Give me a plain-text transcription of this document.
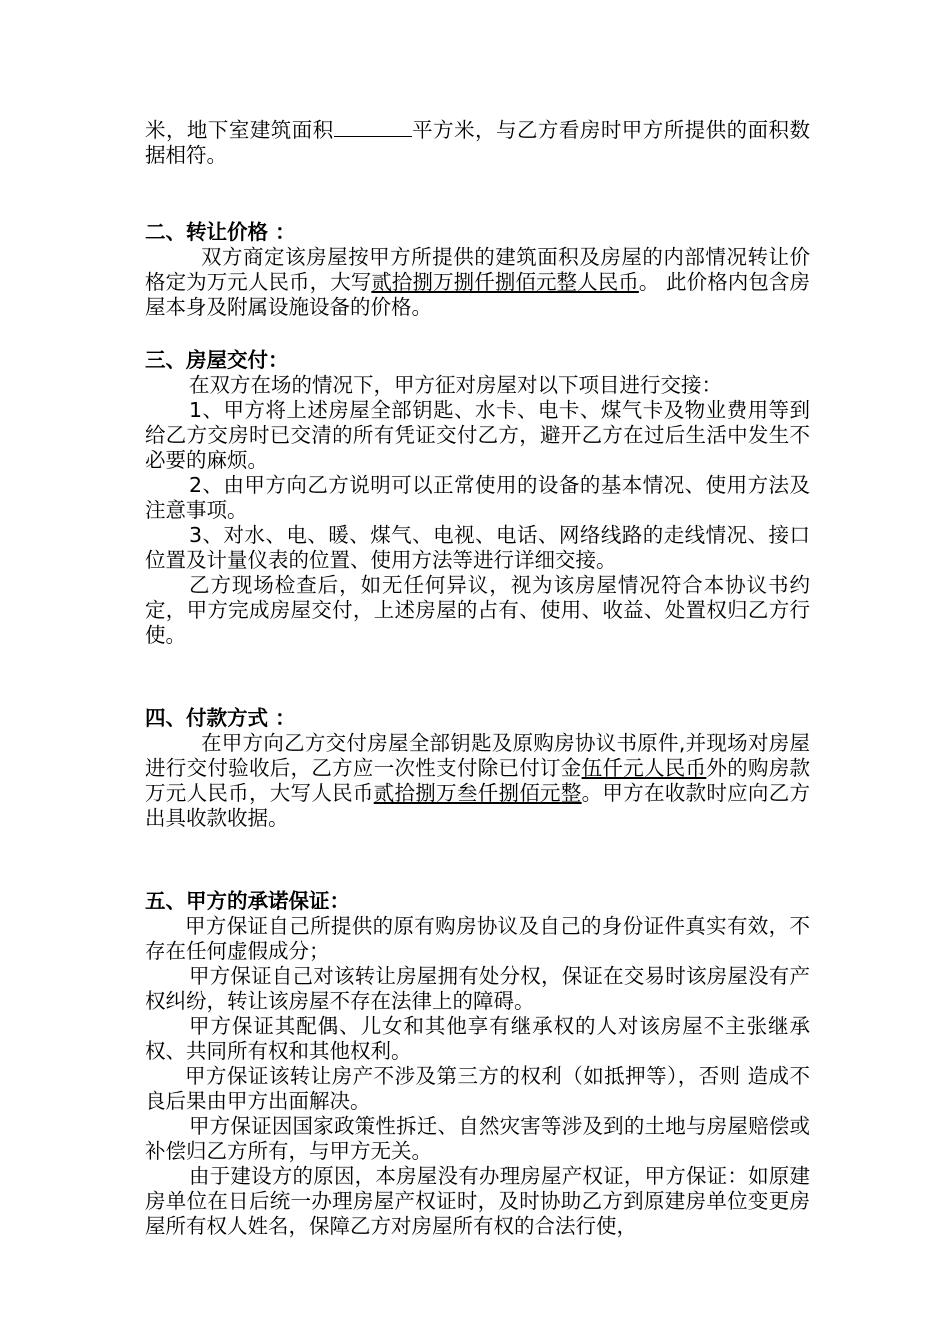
米，地下室建筑面积	平方米，与乙方看房时甲方所提供的面积数据相符。

二、转让价格 ：

双方商定该房屋按甲方所提供的建筑面积及房屋的内部情况转让价格定为万元人民币，大写贰拾捌万捌仟捌佰元整人民币。 此价格内包含房屋本身及附属设施设备的价格。

三、房屋交付：

在双方在场的情况下，甲方征对房屋对以下项目进行交接：

1、甲方将上述房屋全部钥匙、水卡、电卡、煤气卡及物业费用等到给乙方交房时已交清的所有凭证交付乙方，避开乙方在过后生活中发生不必要的麻烦。

2、由甲方向乙方说明可以正常使用的设备的基本情况、使用方法及注意事项。

3、对水、电、暖、煤气、电视、电话、网络线路的走线情况、接口位置及计量仪表的位置、使用方法等进行详细交接。

乙方现场检查后，如无任何异议，视为该房屋情况符合本协议书约定，甲方完成房屋交付，上述房屋的占有、使用、收益、处置权归乙方行使。

四、付款方式 ：

在甲方向乙方交付房屋全部钥匙及原购房协议书原件,并现场对房屋进行交付验收后，乙方应一次性支付除已付订金伍仟元人民币外的购房款万元人民币，大写人民币贰拾捌万叁仟捌佰元整。甲方在收款时应向乙方出具收款收据。

五、甲方的承诺保证：

甲方保证自己所提供的原有购房协议及自己的身份证件真实有效，不存在任何虚假成分；

甲方保证自己对该转让房屋拥有处分权，保证在交易时该房屋没有产权纠纷，转让该房屋不存在法律上的障碍。

甲方保证其配偶、儿女和其他享有继承权的人对该房屋不主张继承权、共同所有权和其他权利。

甲方保证该转让房产不涉及第三方的权利（如抵押等），否则 造成不良后果由甲方出面解决。

甲方保证因国家政策性拆迁、自然灾害等涉及到的土地与房屋赔偿或补偿归乙方所有，与甲方无关。

由于建设方的原因，本房屋没有办理房屋产权证，甲方保证：如原建房单位在日后统一办理房屋产权证时，及时协助乙方到原建房单位变更房屋所有权人姓名，保障乙方对房屋所有权的合法行使，
